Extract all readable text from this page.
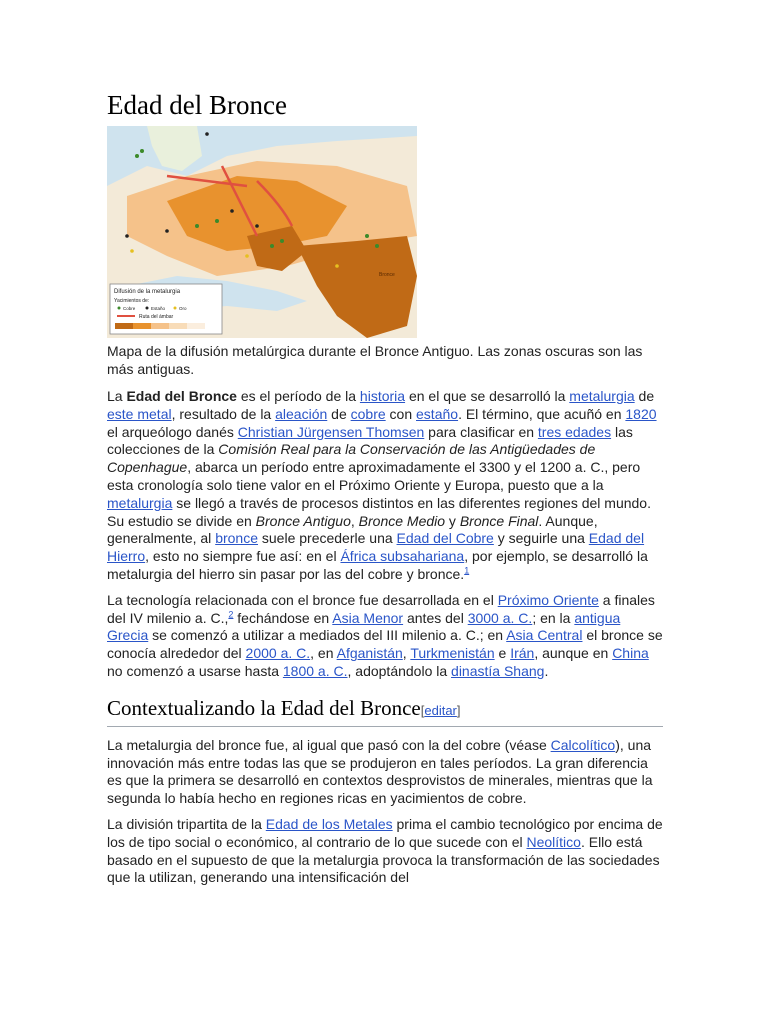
Edad del Bronce
Difusión de la metalurgia
Yacimientos de:
Cobre	Estaño	Oro
Ruta del ámbar
Bronce
Mapa de la difusión metalúrgica durante el Bronce Antiguo. Las zonas oscuras son las más antiguas.

La Edad del Bronce es el período de la historia en el que se desarrolló la metalurgia de este metal, resultado de la aleación de cobre con estaño. El término, que acuñó en 1820 el arqueólogo danés Christian Jürgensen Thomsen para clasificar en tres edades las colecciones de la Comisión Real para la Conservación de las Antigüedades de Copenhague, abarca un período entre aproximadamente el 3300 y el 1200 a. C., pero esta cronología solo tiene valor en el Próximo Oriente y Europa, puesto que a la metalurgia se llegó a través de procesos distintos en las diferentes regiones del mundo. Su estudio se divide en Bronce Antiguo, Bronce Medio y Bronce Final. Aunque, generalmente, al bronce suele precederle una Edad del Cobre y seguirle una Edad del Hierro, esto no siempre fue así: en el África subsahariana, por ejemplo, se desarrolló la metalurgia del hierro sin pasar por las del cobre y bronce.$^1$

La tecnología relacionada con el bronce fue desarrollada en el Próximo Oriente a finales del IV milenio a. C.,$^2$ fechándose en Asia Menor antes del 3000 a. C.; en la antigua Grecia se comenzó a utilizar a mediados del III milenio a. C.; en Asia Central el bronce se conocía alrededor del 2000 a. C., en Afganistán, Turkmenistán e Irán, aunque en China no comenzó a usarse hasta 1800 a. C., adoptándolo la dinastía Shang.

Contextualizando la Edad del Bronce[editar]

La metalurgia del bronce fue, al igual que pasó con la del cobre (véase Calcolítico), una innovación más entre todas las que se produjeron en tales períodos. La gran diferencia es que la primera se desarrolló en contextos desprovistos de minerales, mientras que la segunda lo había hecho en regiones ricas en yacimientos de cobre.

La división tripartita de la Edad de los Metales prima el cambio tecnológico por encima de los de tipo social o económico, al contrario de lo que sucede con el Neolítico. Ello está basado en el supuesto de que la metalurgia provoca la transformación de las sociedades que la utilizan, generando una intensificación del
